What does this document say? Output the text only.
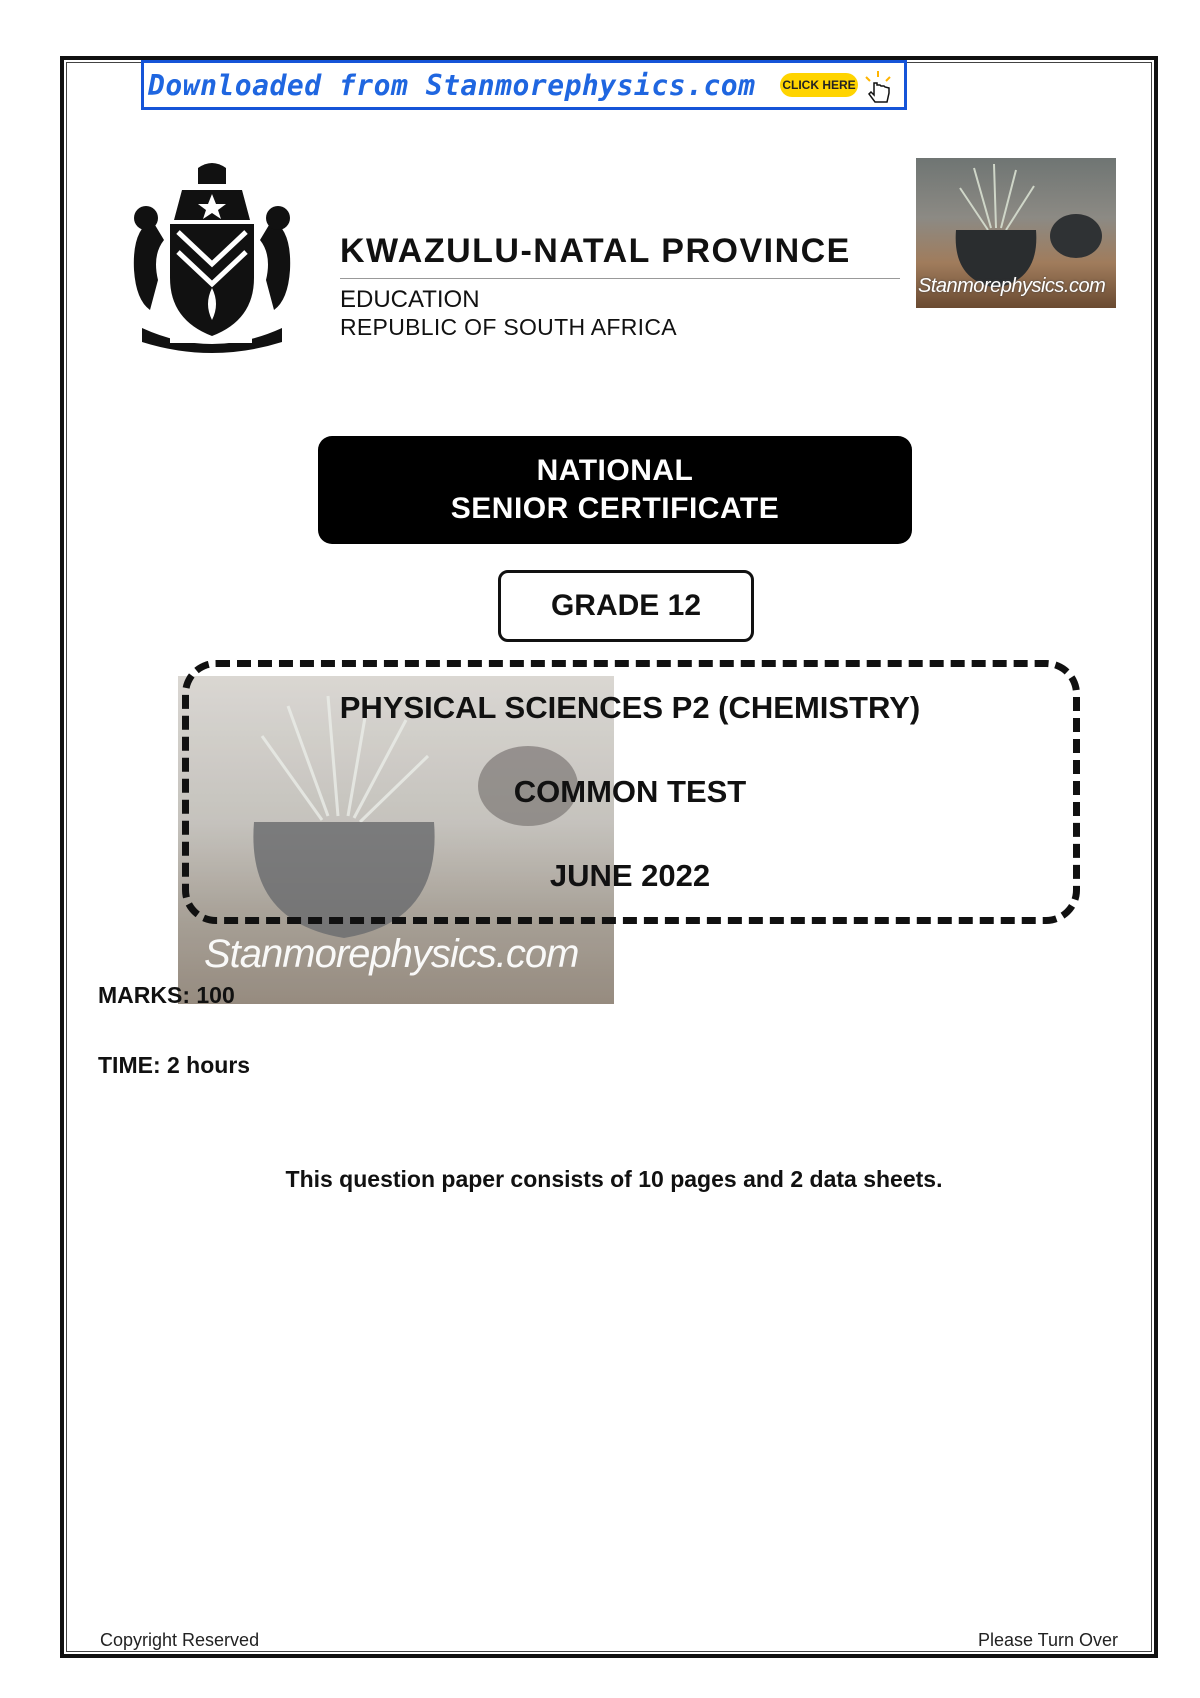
Downloaded from Stanmorephysics.com CLICK HERE
KWAZULU-NATAL PROVINCE
EDUCATION
REPUBLIC OF SOUTH AFRICA
Stanmorephysics.com
NATIONAL
SENIOR CERTIFICATE
GRADE 12
Stanmorephysics.com
PHYSICAL SCIENCES P2 (CHEMISTRY)
COMMON TEST
JUNE 2022
MARKS: 100
TIME: 2 hours
This question paper consists of 10 pages and 2 data sheets.
Copyright Reserved	Please Turn Over
